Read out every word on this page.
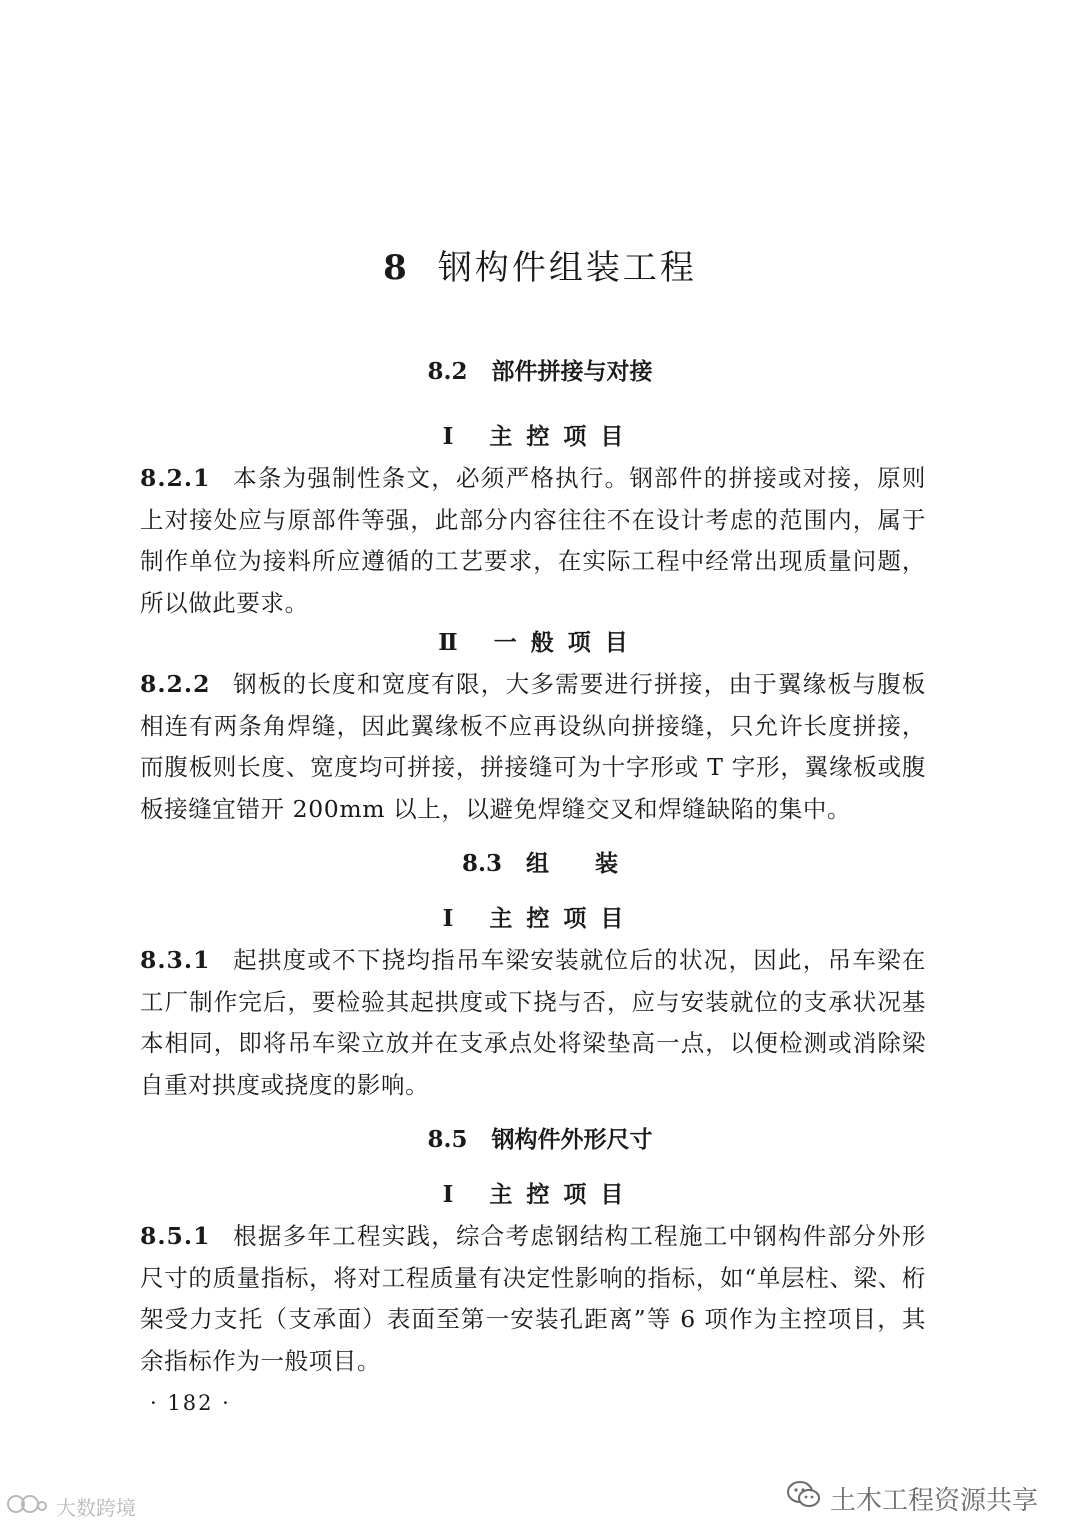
8 钢构件组装工程
8.2 部件拼接与对接
Ⅰ 主控项目

8.2.1 本条为强制性条文，必须严格执行。钢部件的拼接或对接，原则上对接处应与原部件等强，此部分内容往往不在设计考虑的范围内，属于制作单位为接料所应遵循的工艺要求，在实际工程中经常出现质量问题，所以做此要求。

Ⅱ 一般项目

8.2.2 钢板的长度和宽度有限，大多需要进行拼接，由于翼缘板与腹板相连有两条角焊缝，因此翼缘板不应再设纵向拼接缝，只允许长度拼接，而腹板则长度、宽度均可拼接，拼接缝可为十字形或 T 字形，翼缘板或腹板接缝宜错开 200mm 以上，以避免焊缝交叉和焊缝缺陷的集中。

8.3 组　　装
Ⅰ 主控项目

8.3.1 起拱度或不下挠均指吊车梁安装就位后的状况，因此，吊车梁在工厂制作完后，要检验其起拱度或下挠与否，应与安装就位的支承状况基本相同，即将吊车梁立放并在支承点处将梁垫高一点，以便检测或消除梁自重对拱度或挠度的影响。

8.5 钢构件外形尺寸
Ⅰ 主控项目

8.5.1 根据多年工程实践，综合考虑钢结构工程施工中钢构件部分外形尺寸的质量指标，将对工程质量有决定性影响的指标，如“单层柱、梁、桁架受力支托（支承面）表面至第一安装孔距离”等 6 项作为主控项目，其余指标作为一般项目。

· 182 ·
土木工程资源共享
大数跨境
